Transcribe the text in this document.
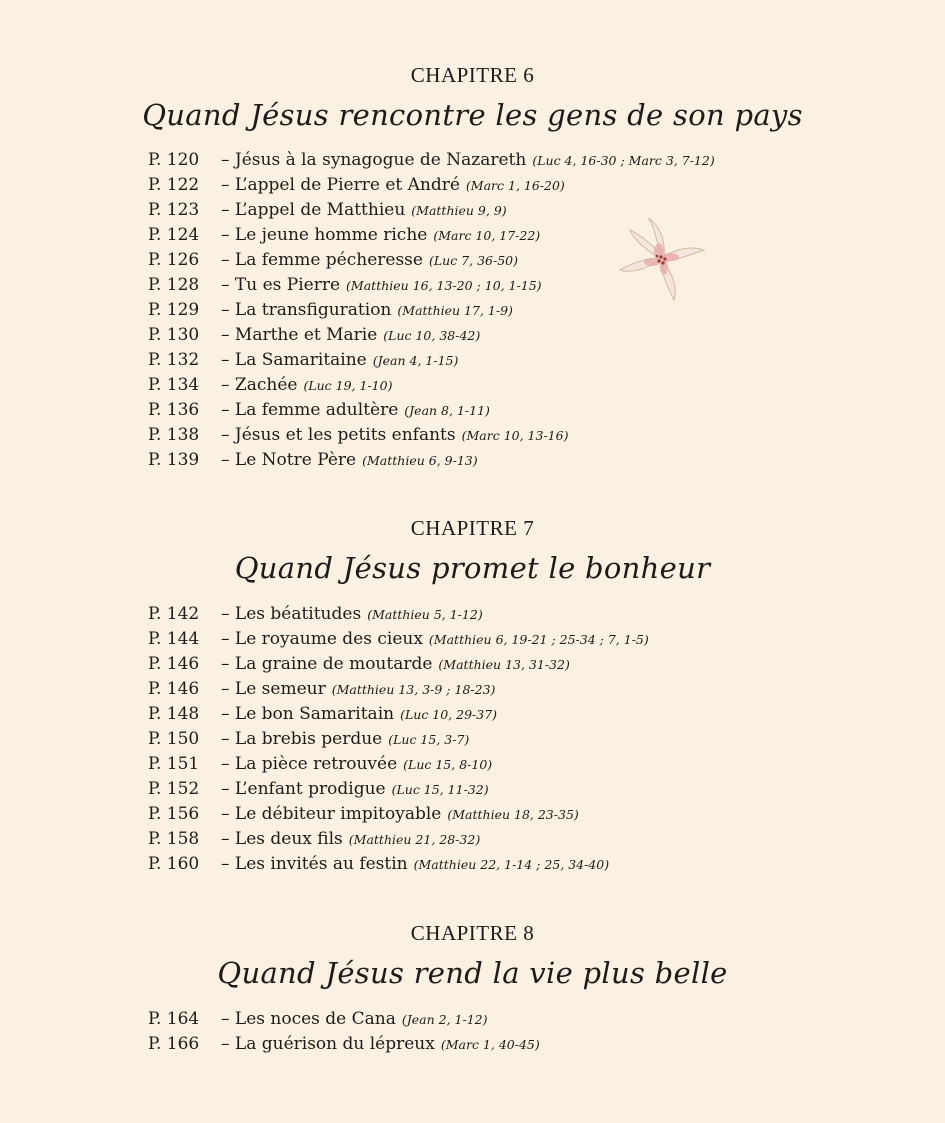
CHAPITRE 6
Quand Jésus rencontre les gens de son pays
P. 120 – Jésus à la synagogue de Nazareth (Luc 4, 16-30 ; Marc 3, 7-12)
P. 122 – L’appel de Pierre et André (Marc 1, 16-20)
P. 123 – L’appel de Matthieu (Matthieu 9, 9)
P. 124 – Le jeune homme riche (Marc 10, 17-22)
P. 126 – La femme pécheresse (Luc 7, 36-50)
P. 128 – Tu es Pierre (Matthieu 16, 13-20 ; 10, 1-15)
P. 129 – La transfiguration (Matthieu 17, 1-9)
P. 130 – Marthe et Marie (Luc 10, 38-42)
P. 132 – La Samaritaine (Jean 4, 1-15)
P. 134 – Zachée (Luc 19, 1-10)
P. 136 – La femme adultère (Jean 8, 1-11)
P. 138 – Jésus et les petits enfants (Marc 10, 13-16)
P. 139 – Le Notre Père (Matthieu 6, 9-13)
CHAPITRE 7
Quand Jésus promet le bonheur
P. 142 – Les béatitudes (Matthieu 5, 1-12)
P. 144 – Le royaume des cieux (Matthieu 6, 19-21 ; 25-34 ; 7, 1-5)
P. 146 – La graine de moutarde (Matthieu 13, 31-32)
P. 146 – Le semeur (Matthieu 13, 3-9 ; 18-23)
P. 148 – Le bon Samaritain (Luc 10, 29-37)
P. 150 – La brebis perdue (Luc 15, 3-7)
P. 151 – La pièce retrouvée (Luc 15, 8-10)
P. 152 – L’enfant prodigue (Luc 15, 11-32)
P. 156 – Le débiteur impitoyable (Matthieu 18, 23-35)
P. 158 – Les deux fils (Matthieu 21, 28-32)
P. 160 – Les invités au festin (Matthieu 22, 1-14 ; 25, 34-40)
CHAPITRE 8
Quand Jésus rend la vie plus belle
P. 164 – Les noces de Cana (Jean 2, 1-12)
P. 166 – La guérison du lépreux (Marc 1, 40-45)
